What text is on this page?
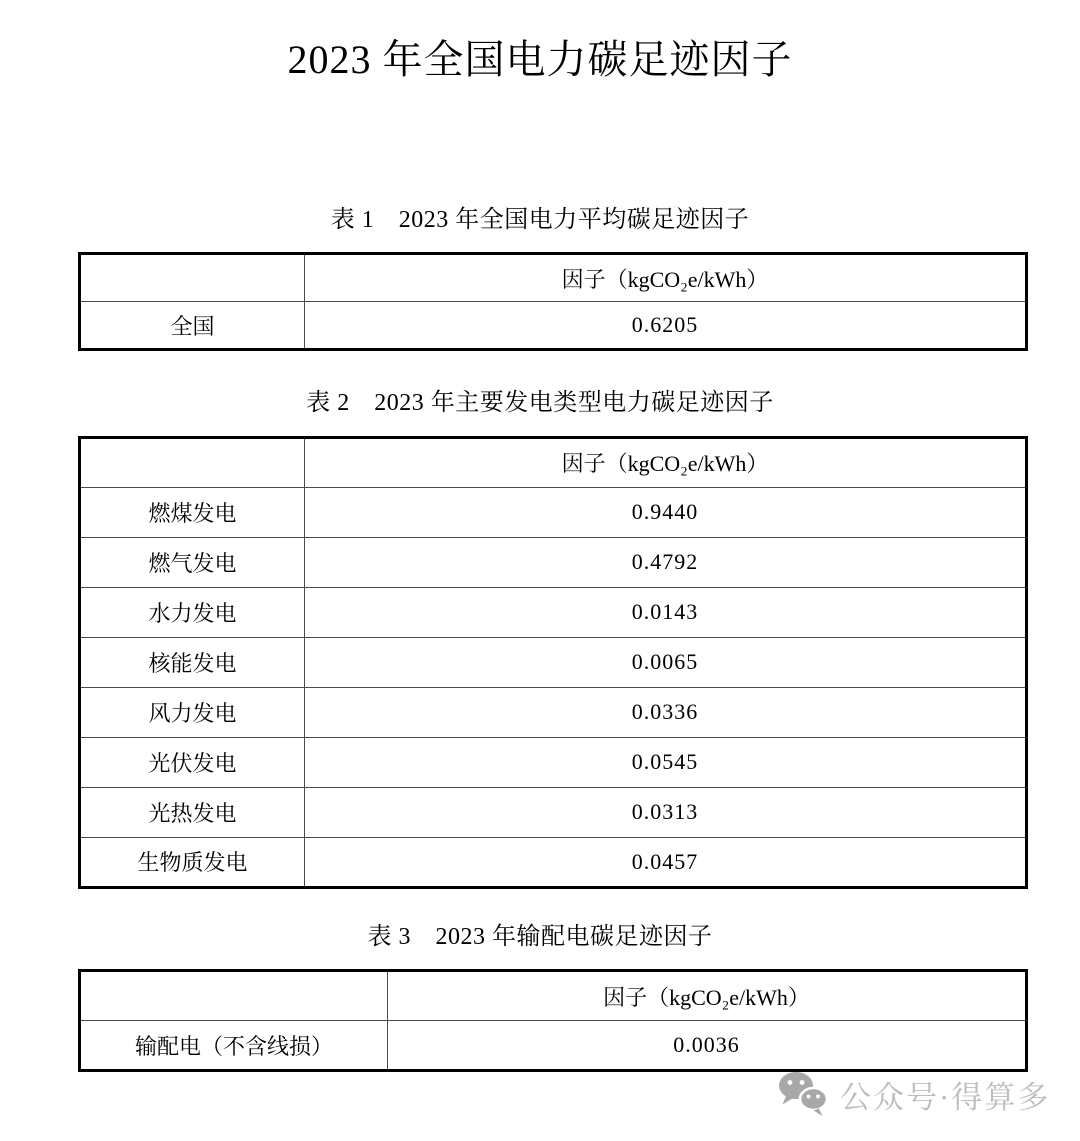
2023 年全国电力碳足迹因子
表 1　2023 年全国电力平均碳足迹因子
	因子（kgCO₂e/kWh）
全国	0.6205
表 2　2023 年主要发电类型电力碳足迹因子
	因子（kgCO₂e/kWh）
燃煤发电	0.9440
燃气发电	0.4792
水力发电	0.0143
核能发电	0.0065
风力发电	0.0336
光伏发电	0.0545
光热发电	0.0313
生物质发电	0.0457
表 3　2023 年输配电碳足迹因子
	因子（kgCO₂e/kWh）
输配电（不含线损）	0.0036
公众号·得算多
